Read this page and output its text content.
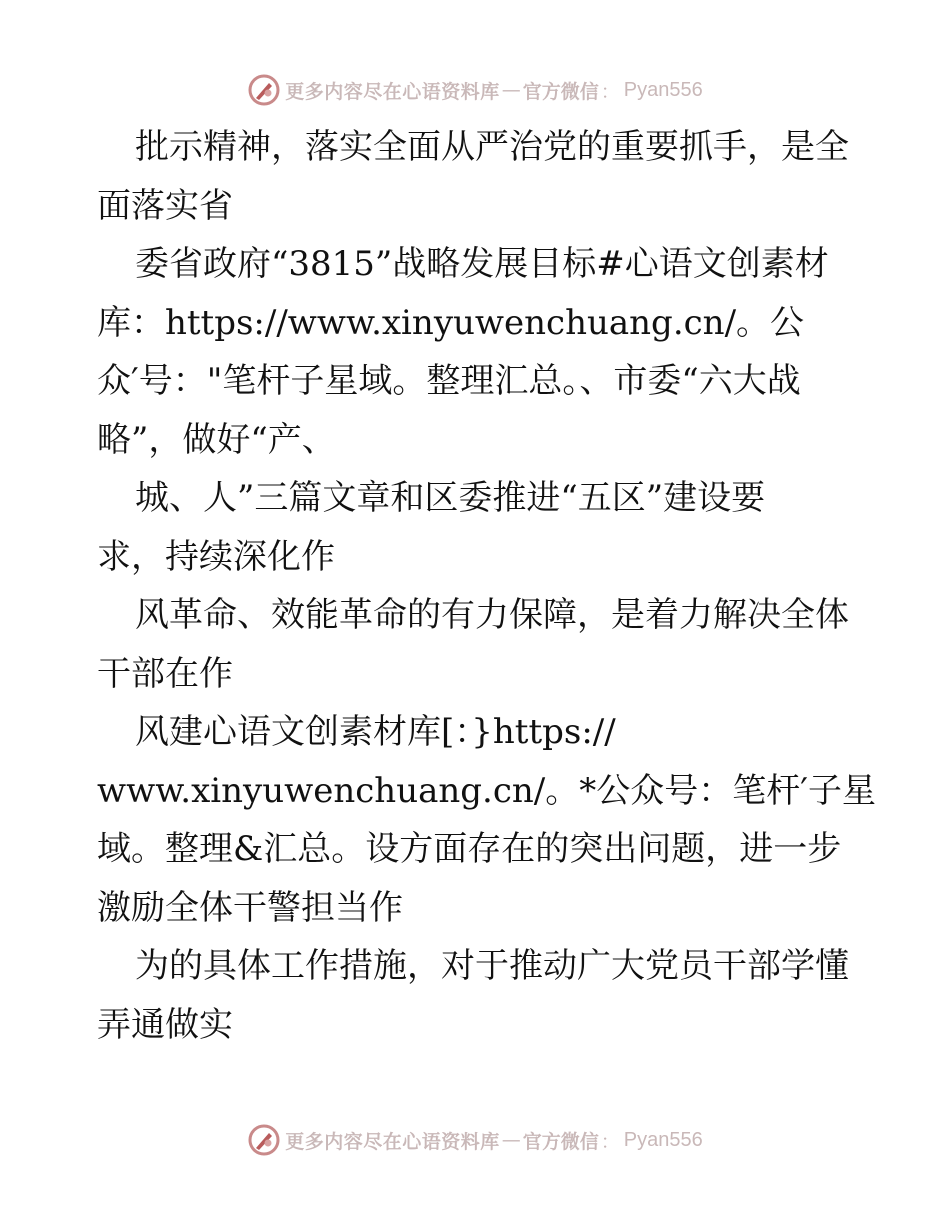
更多内容尽在心语资料库 — 官方微信 ： Pyan556
批示精神，落实全面从严治党的重要抓手，是全
面落实省
委省政府“3815”战略发展目标#心语文创素材
库：https://www.xinyuwenchuang.cn/。公
众′号："笔杆子星域。整理汇总。、市委“六大战
略”，做好“产、
城、人”三篇文章和区委推进“五区”建设要
求，持续深化作
风革命、效能革命的有力保障，是着力解决全体
干部在作
风建心语文创素材库[：}https://
www.xinyuwenchuang.cn/。*公众号：笔杆′子星
域。整理&汇总。设方面存在的突出问题，进一步
激励全体干警担当作
为的具体工作措施，对于推动广大党员干部学懂
弄通做实
更多内容尽在心语资料库 — 官方微信 ： Pyan556
